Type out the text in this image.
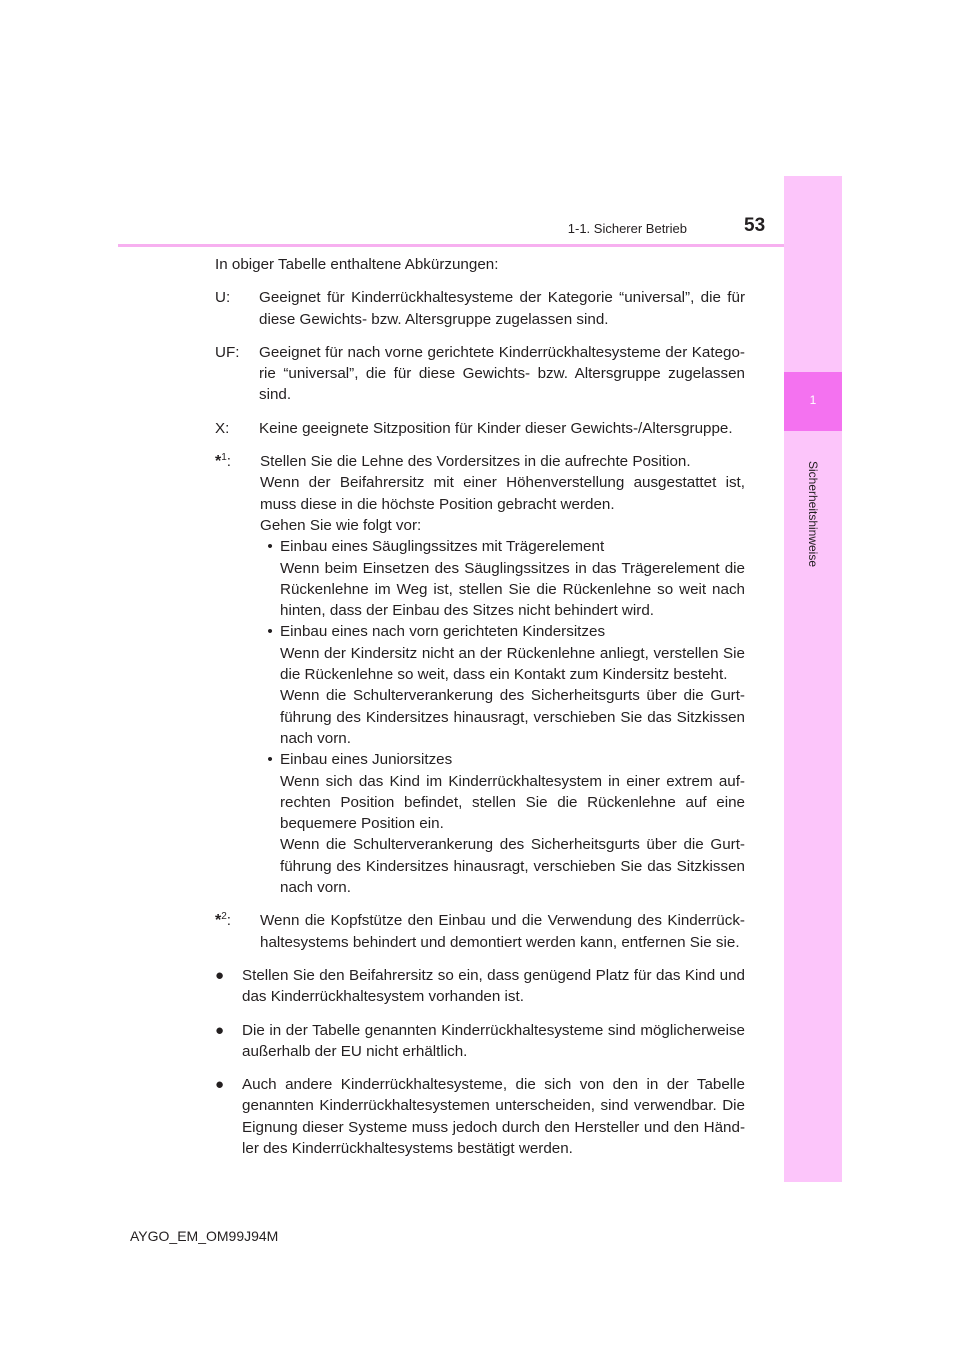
1-1. Sicherer Betrieb	53
1
Sicherheitshinweise

In obiger Tabelle enthaltene Abkürzungen:

U:	Geeignet für Kinderrückhaltesysteme der Kategorie “universal”, die für diese Gewichts- bzw. Altersgruppe zugelassen sind.
UF:	Geeignet für nach vorne gerichtete Kinderrückhaltesysteme der Katego-rie “universal”, die für diese Gewichts- bzw. Altersgruppe zugelassen sind.
X:	Keine geeignete Sitzposition für Kinder dieser Gewichts-/Altersgruppe.
*$^1$:	Stellen Sie die Lehne des Vordersitzes in die aufrechte Position.
Wenn der Beifahrersitz mit einer Höhenverstellung ausgestattet ist, muss diese in die höchste Position gebracht werden.
Gehen Sie wie folgt vor:
• Einbau eines Säuglingssitzes mit Trägerelement
Wenn beim Einsetzen des Säuglingssitzes in das Trägerelement die Rückenlehne im Weg ist, stellen Sie die Rückenlehne so weit nach hinten, dass der Einbau des Sitzes nicht behindert wird.
• Einbau eines nach vorn gerichteten Kindersitzes
Wenn der Kindersitz nicht an der Rückenlehne anliegt, verstellen Sie die Rückenlehne so weit, dass ein Kontakt zum Kindersitz besteht.
Wenn die Schulterverankerung des Sicherheitsgurts über die Gurt-führung des Kindersitzes hinausragt, verschieben Sie das Sitzkissen nach vorn.
• Einbau eines Juniorsitzes
Wenn sich das Kind im Kinderrückhaltesystem in einer extrem auf-rechten Position befindet, stellen Sie die Rückenlehne auf eine bequemere Position ein.
Wenn die Schulterverankerung des Sicherheitsgurts über die Gurt-führung des Kindersitzes hinausragt, verschieben Sie das Sitzkissen nach vorn.
*$^2$:	Wenn die Kopfstütze den Einbau und die Verwendung des Kinderrück-haltesystems behindert und demontiert werden kann, entfernen Sie sie.
●	Stellen Sie den Beifahrersitz so ein, dass genügend Platz für das Kind und das Kinderrückhaltesystem vorhanden ist.
●	Die in der Tabelle genannten Kinderrückhaltesysteme sind möglicherweise außerhalb der EU nicht erhältlich.
●	Auch andere Kinderrückhaltesysteme, die sich von den in der Tabelle genannten Kinderrückhaltesystemen unterscheiden, sind verwendbar. Die Eignung dieser Systeme muss jedoch durch den Hersteller und den Händ-ler des Kinderrückhaltesystems bestätigt werden.
AYGO_EM_OM99J94M
